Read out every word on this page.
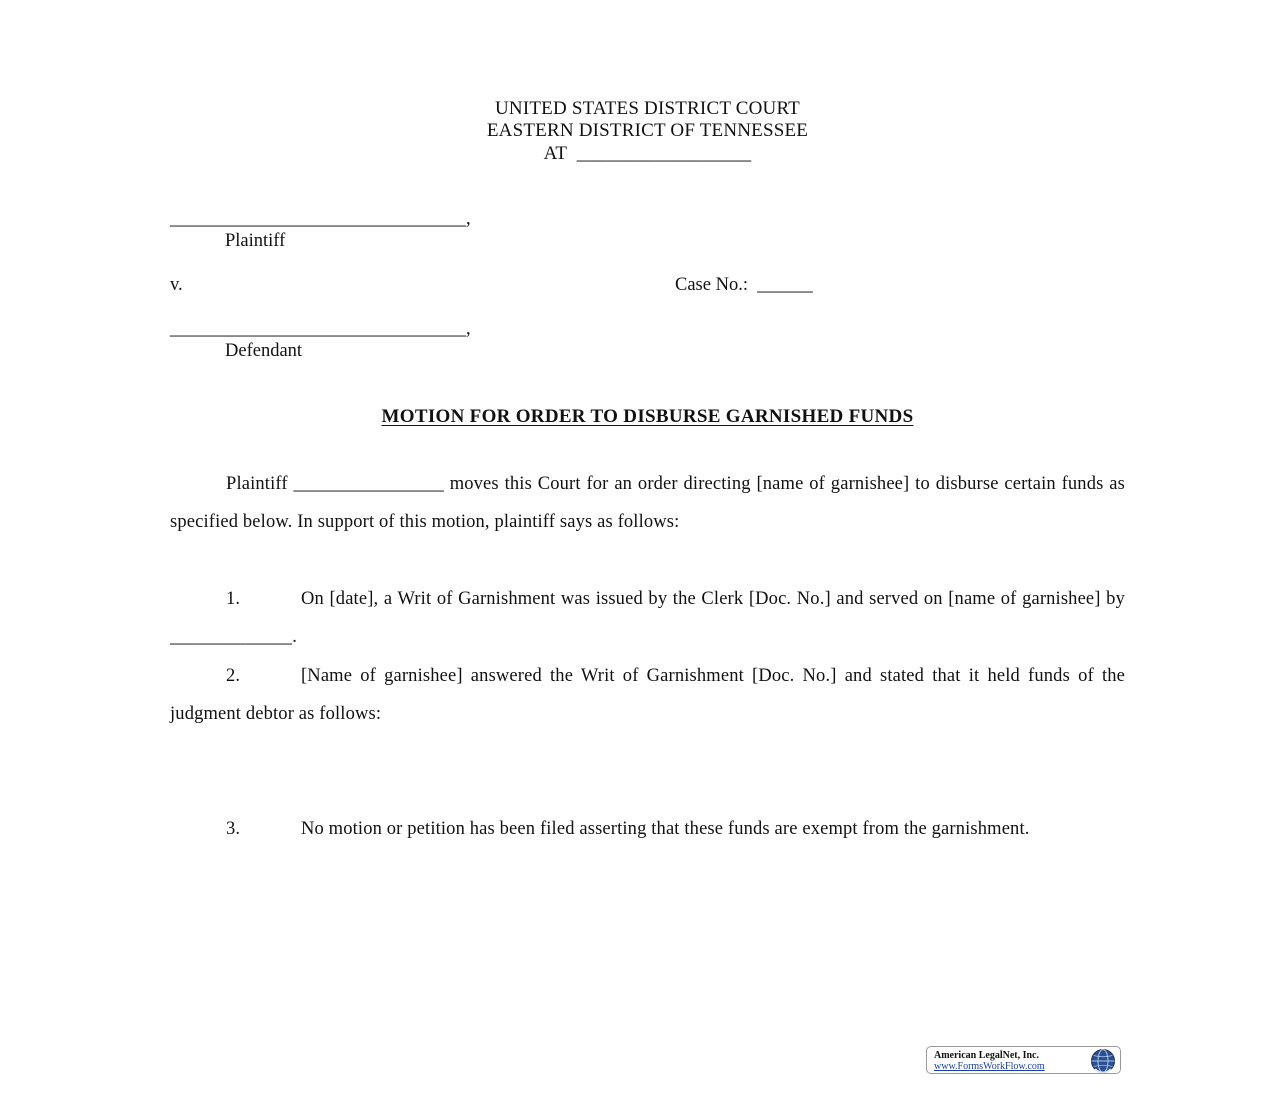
UNITED STATES DISTRICT COURT
EASTERN DISTRICT OF TENNESSEE
AT  __________________
________________________________,
Plaintiff
v.	Case No.:  ______
________________________________,
Defendant
MOTION FOR ORDER TO DISBURSE GARNISHED FUNDS
Plaintiff ________________ moves this Court for an order directing [name of garnishee] to disburse certain funds as specified below. In support of this motion, plaintiff says as follows:
1.	On [date], a Writ of Garnishment was issued by the Clerk [Doc. No.] and served on [name of garnishee] by _____________.
2.	[Name of garnishee] answered the Writ of Garnishment [Doc. No.] and stated that it held funds of the judgment debtor as follows:
3.	No motion or petition has been filed asserting that these funds are exempt from the garnishment.
American LegalNet, Inc.
www.FormsWorkFlow.com
